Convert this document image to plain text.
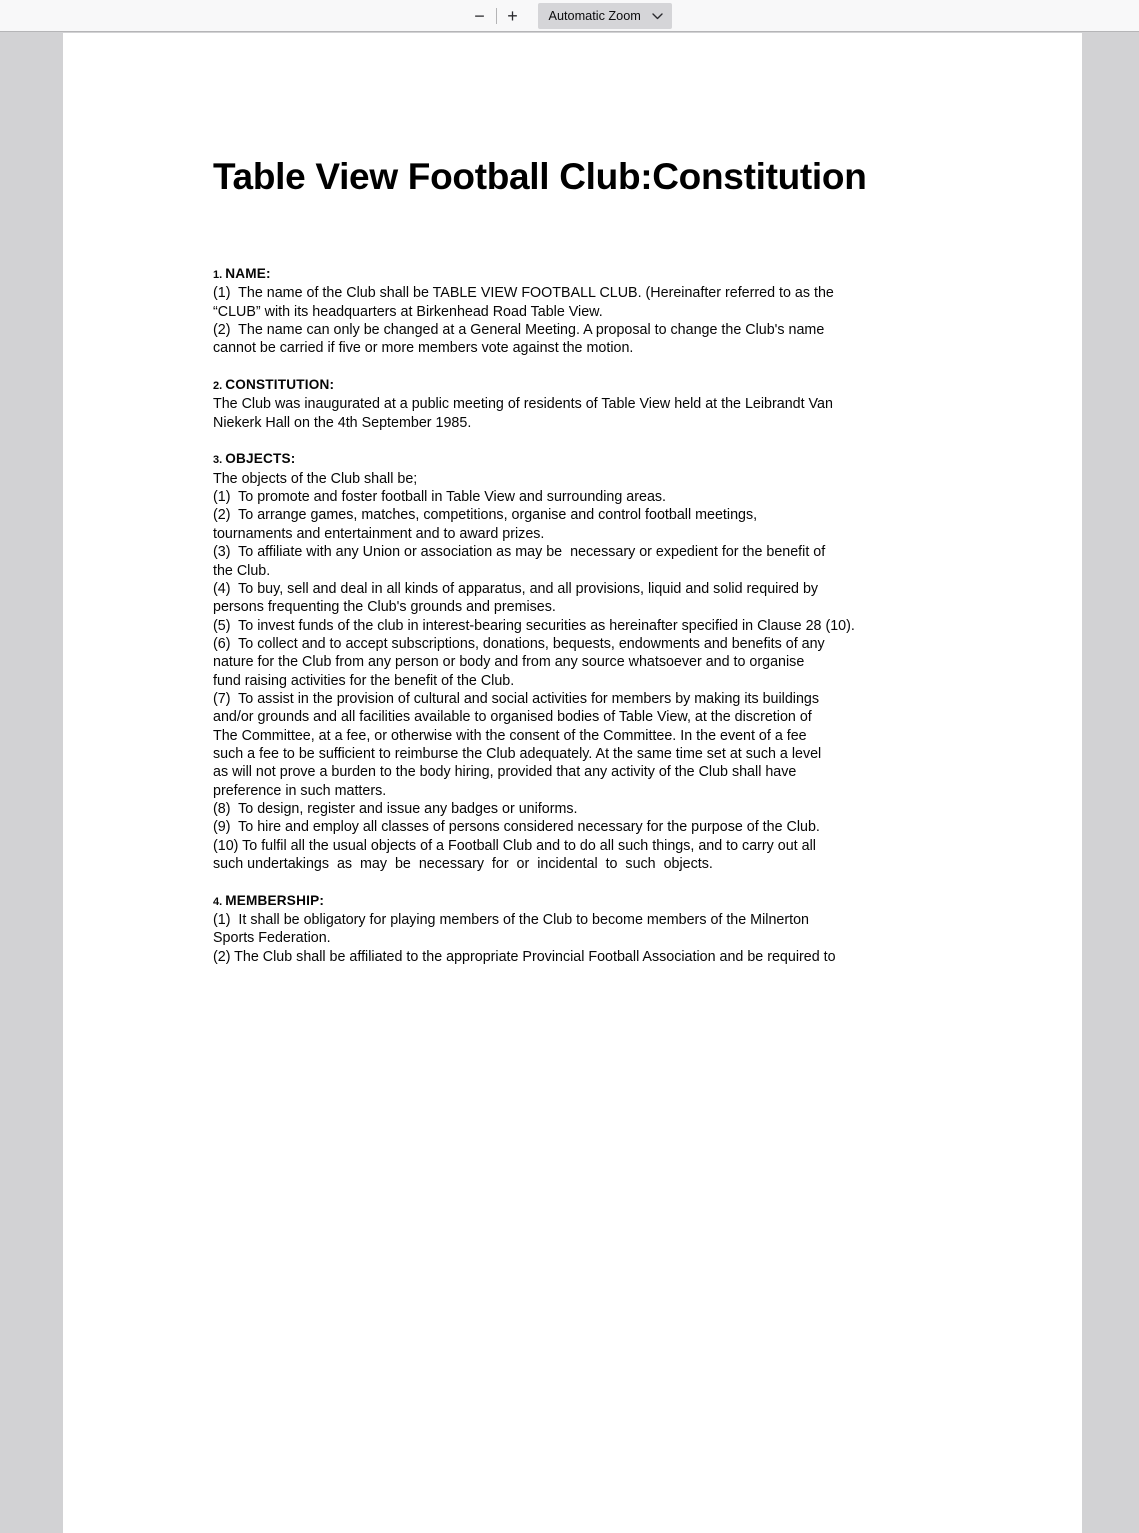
−	+	Automatic Zoom
Table View Football Club:Constitution
1. NAME:
(1)  The name of the Club shall be TABLE VIEW FOOTBALL CLUB. (Hereinafter referred to as the
“CLUB” with its headquarters at Birkenhead Road Table View.
(2)  The name can only be changed at a General Meeting. A proposal to change the Club's name
cannot be carried if five or more members vote against the motion.
2. CONSTITUTION:
The Club was inaugurated at a public meeting of residents of Table View held at the Leibrandt Van
Niekerk Hall on the 4th September 1985.
3. OBJECTS:
The objects of the Club shall be;
(1)  To promote and foster football in Table View and surrounding areas.
(2)  To arrange games, matches, competitions, organise and control football meetings,
tournaments and entertainment and to award prizes.
(3)  To affiliate with any Union or association as may be  necessary or expedient for the benefit of
the Club.
(4)  To buy, sell and deal in all kinds of apparatus, and all provisions, liquid and solid required by
persons frequenting the Club's grounds and premises.
(5)  To invest funds of the club in interest-bearing securities as hereinafter specified in Clause 28 (10).
(6)  To collect and to accept subscriptions, donations, bequests, endowments and benefits of any
nature for the Club from any person or body and from any source whatsoever and to organise
fund raising activities for the benefit of the Club.
(7)  To assist in the provision of cultural and social activities for members by making its buildings
and/or grounds and all facilities available to organised bodies of Table View, at the discretion of
The Committee, at a fee, or otherwise with the consent of the Committee. In the event of a fee
such a fee to be sufficient to reimburse the Club adequately. At the same time set at such a level
as will not prove a burden to the body hiring, provided that any activity of the Club shall have
preference in such matters.
(8)  To design, register and issue any badges or uniforms.
(9)  To hire and employ all classes of persons considered necessary for the purpose of the Club.
(10) To fulfil all the usual objects of a Football Club and to do all such things, and to carry out all
such undertakings  as  may  be  necessary  for  or  incidental  to  such  objects.
4. MEMBERSHIP:
(1)  It shall be obligatory for playing members of the Club to become members of the Milnerton
Sports Federation.
(2) The Club shall be affiliated to the appropriate Provincial Football Association and be required to
